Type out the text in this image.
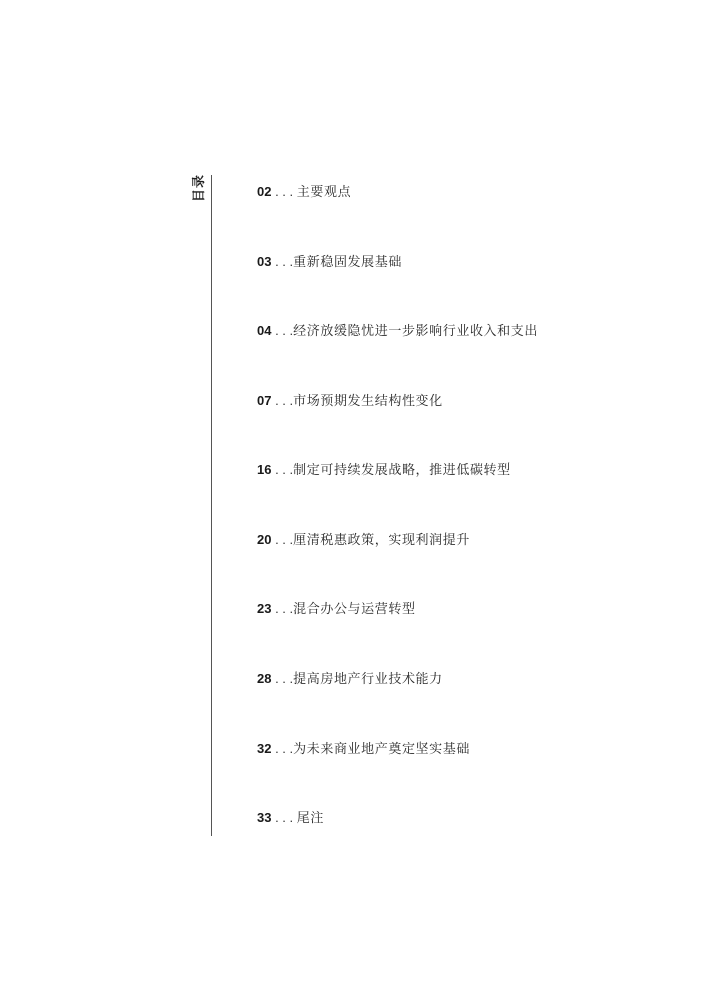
目录	02 . . . 主要观点
03 . . .重新稳固发展基础
04 . . .经济放缓隐忧进一步影响行业收入和支出
07 . . .市场预期发生结构性变化
16 . . .制定可持续发展战略，推进低碳转型
20 . . .厘清税惠政策，实现利润提升
23 . . .混合办公与运营转型
28 . . .提高房地产行业技术能力
32 . . .为未来商业地产奠定坚实基础
33 . . . 尾注
